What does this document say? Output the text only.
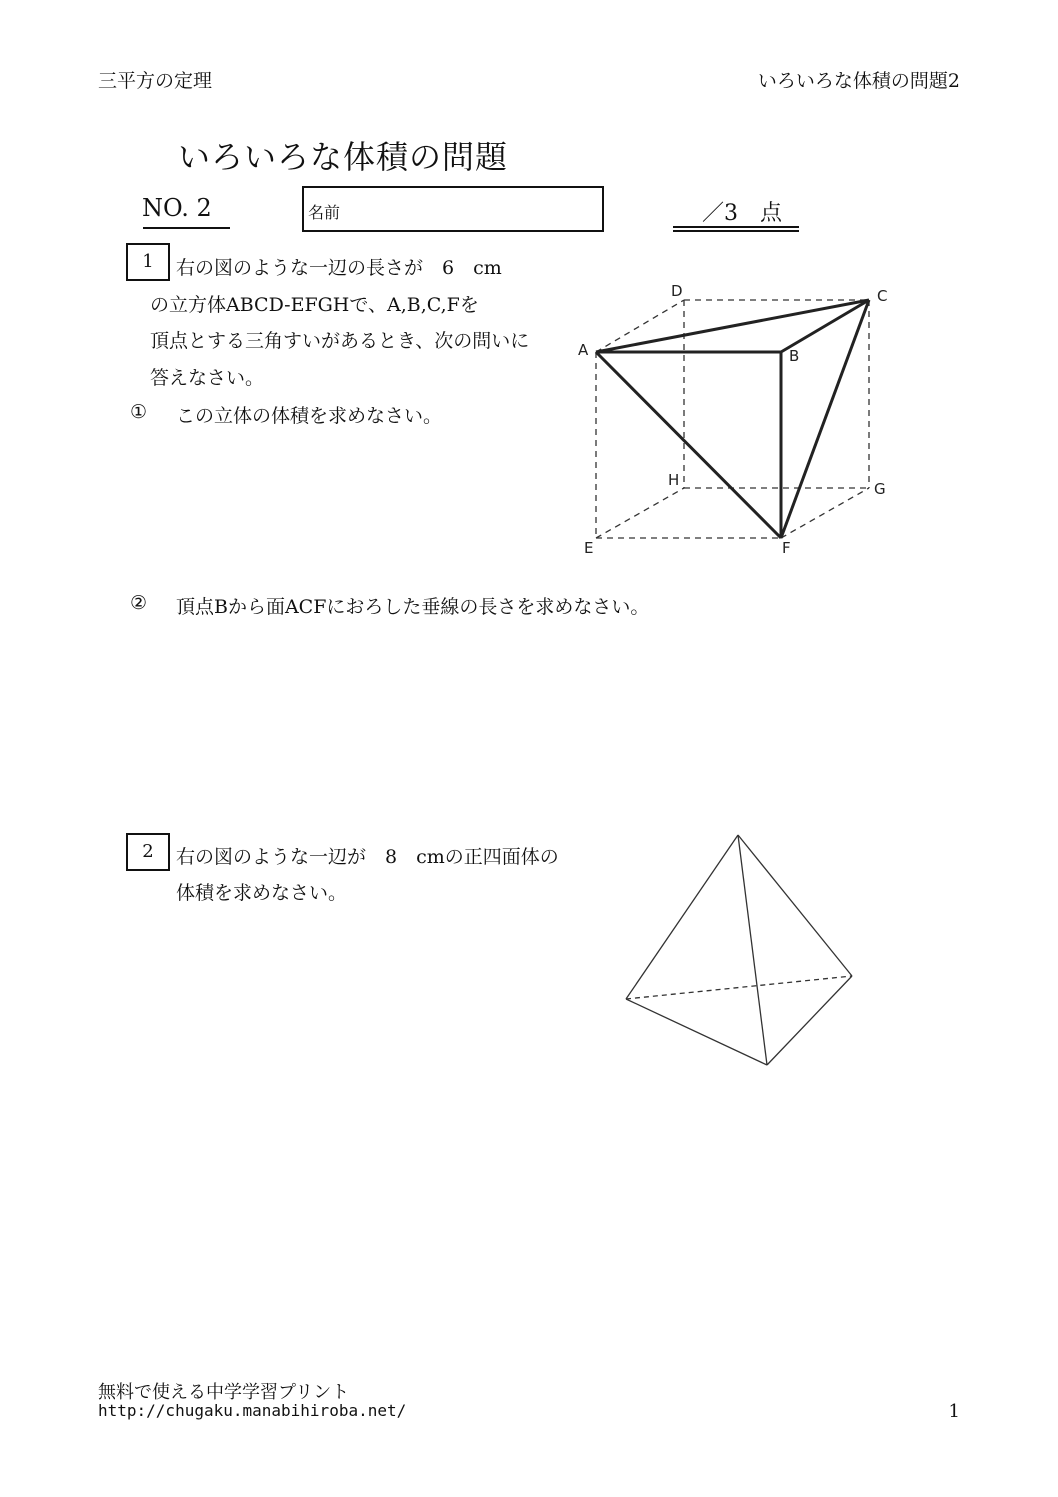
三平方の定理	いろいろな体積の問題2
いろいろな体積の問題
NO. 2	名前	／3　点
1	右の図のような一辺の長さが　6　cm
の立方体ABCD-EFGHで、A,B,C,Fを
頂点とする三角すいがあるとき、次の問いに
答えなさい。
① この立体の体積を求めなさい。
② 頂点Bから面ACFにおろした垂線の長さを求めなさい。
A	B
C
D
E	F
G
H
2	右の図のような一辺が　8　cmの正四面体の
体積を求めなさい。
無料で使える中学学習プリント
http://chugaku.manabihiroba.net/	1
